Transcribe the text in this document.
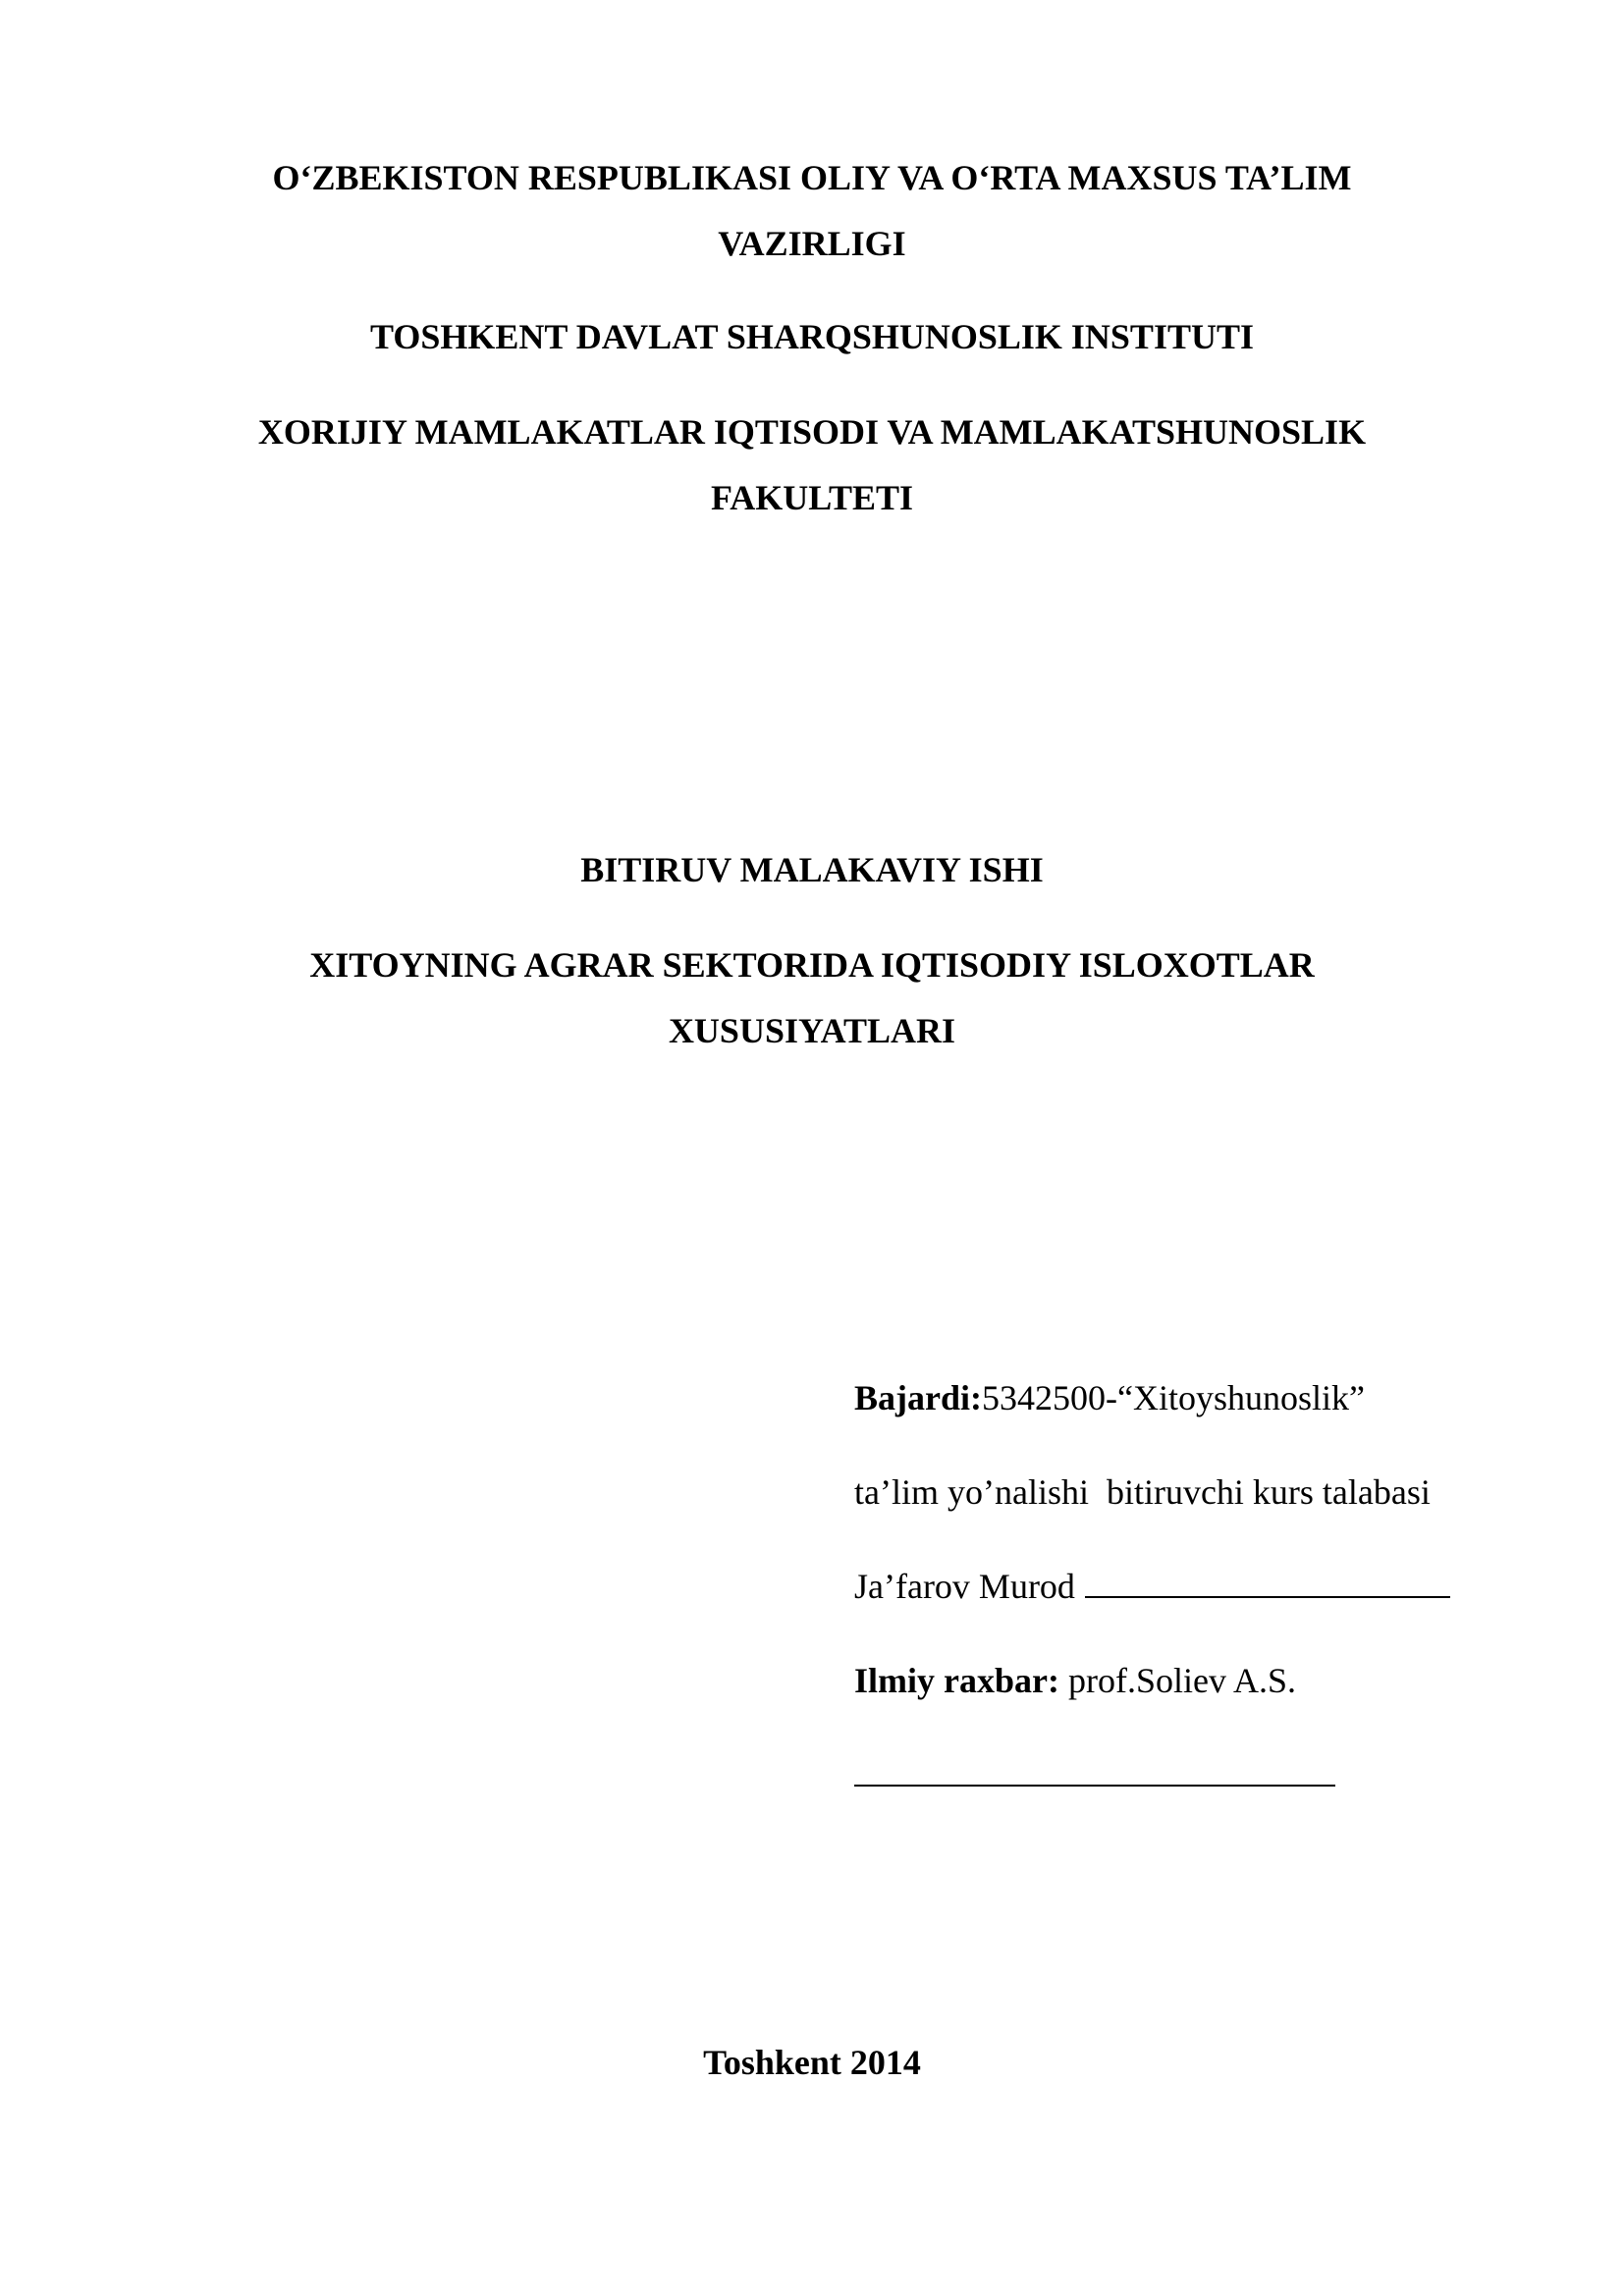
O‘ZBEKISTON RESPUBLIKASI OLIY VA O‘RTA MAXSUS TA’LIM
VAZIRLIGI
TOSHKENT DAVLAT SHARQSHUNOSLIK INSTITUTI
XORIJIY MAMLAKATLAR IQTISODI VA MAMLAKATSHUNOSLIK
FAKULTETI
BITIRUV MALAKAVIY ISHI
XITOYNING AGRAR SEKTORIDA IQTISODIY ISLOXOTLAR
XUSUSIYATLARI
Bajardi:5342500-“Xitoyshunoslik”
ta’lim yo’nalishi  bitiruvchi kurs talabasi
Ja’farov Murod
Ilmiy raxbar: prof.Soliev A.S.
Toshkent 2014
